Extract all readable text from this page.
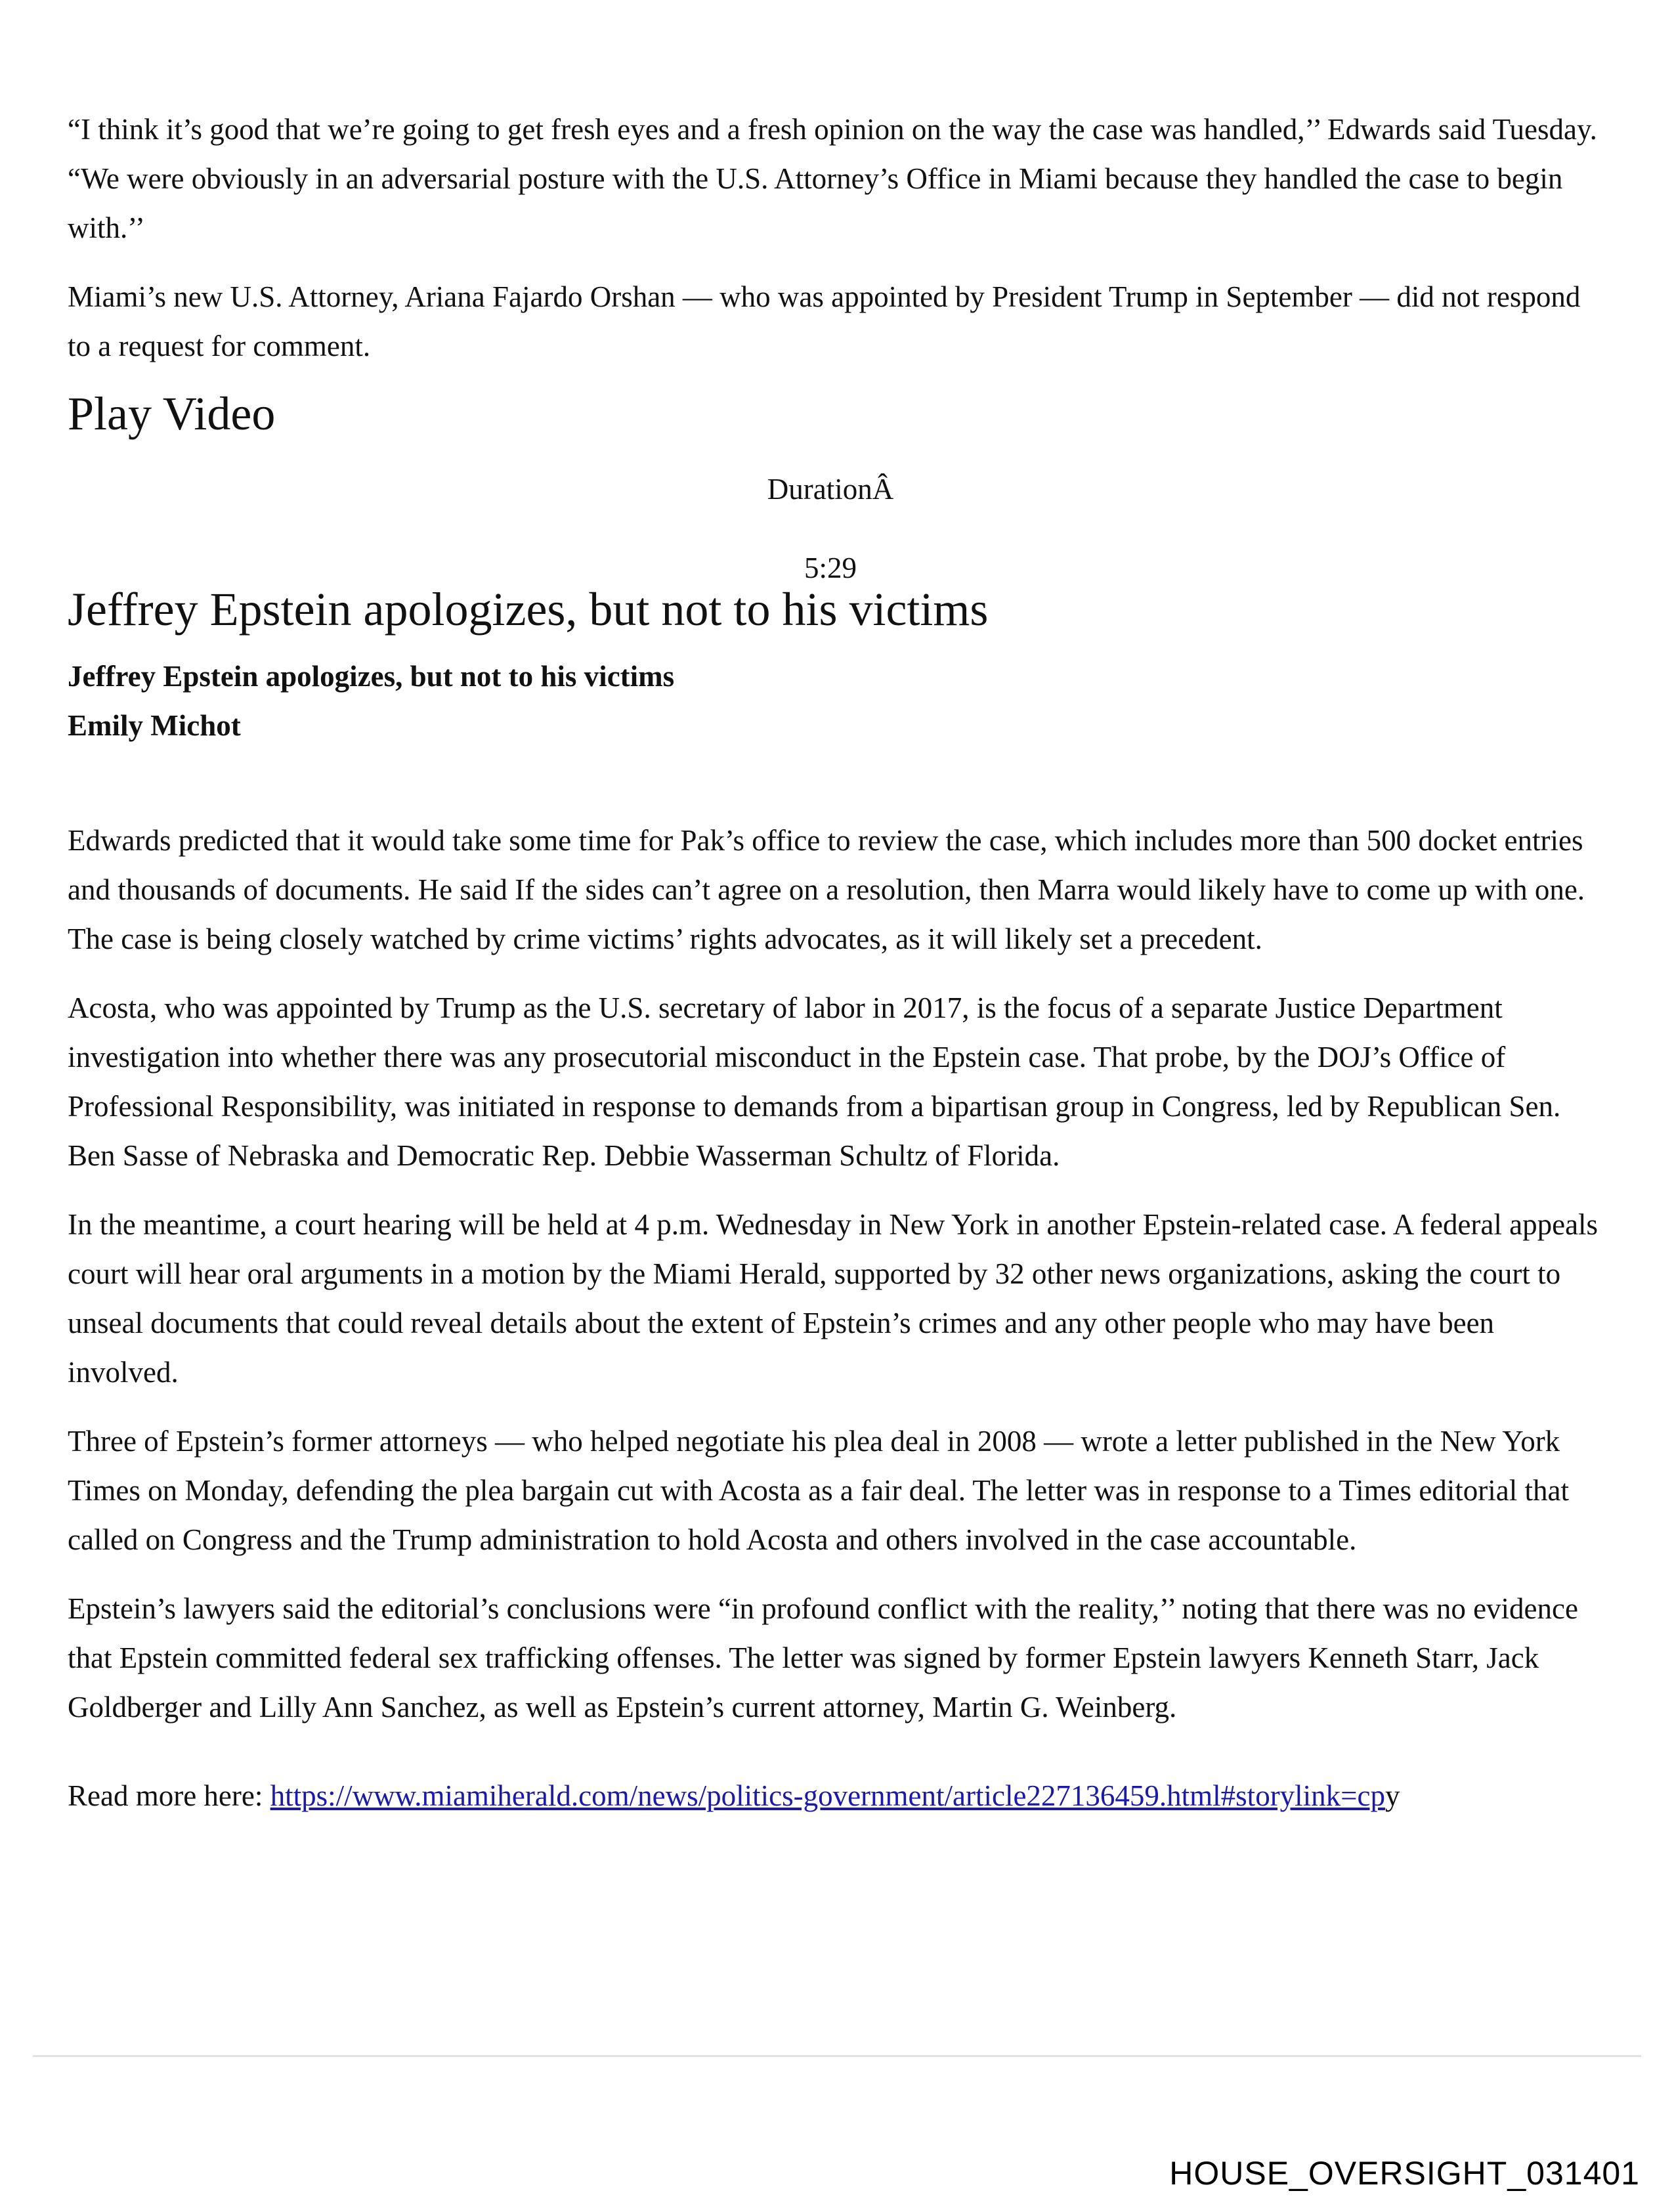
“I think it’s good that we’re going to get fresh eyes and a fresh opinion on the way the case was handled,’’ Edwards said Tuesday. “We were obviously in an adversarial posture with the U.S. Attorney’s Office in Miami because they handled the case to begin with.’’

Miami’s new U.S. Attorney, Ariana Fajardo Orshan — who was appointed by President Trump in September — did not respond to a request for comment.

Play Video
DurationÂ
5:29
Jeffrey Epstein apologizes, but not to his victims
Jeffrey Epstein apologizes, but not to his victims
Emily Michot

Edwards predicted that it would take some time for Pak’s office to review the case, which includes more than 500 docket entries and thousands of documents. He said If the sides can’t agree on a resolution, then Marra would likely have to come up with one. The case is being closely watched by crime victims’ rights advocates, as it will likely set a precedent.

Acosta, who was appointed by Trump as the U.S. secretary of labor in 2017, is the focus of a separate Justice Department investigation into whether there was any prosecutorial misconduct in the Epstein case. That probe, by the DOJ’s Office of Professional Responsibility, was initiated in response to demands from a bipartisan group in Congress, led by Republican Sen. Ben Sasse of Nebraska and Democratic Rep. Debbie Wasserman Schultz of Florida.

In the meantime, a court hearing will be held at 4 p.m. Wednesday in New York in another Epstein-related case. A federal appeals court will hear oral arguments in a motion by the Miami Herald, supported by 32 other news organizations, asking the court to unseal documents that could reveal details about the extent of Epstein’s crimes and any other people who may have been involved.

Three of Epstein’s former attorneys — who helped negotiate his plea deal in 2008 — wrote a letter published in the New York Times on Monday, defending the plea bargain cut with Acosta as a fair deal. The letter was in response to a Times editorial that called on Congress and the Trump administration to hold Acosta and others involved in the case accountable.

Epstein’s lawyers said the editorial’s conclusions were “in profound conflict with the reality,’’ noting that there was no evidence that Epstein committed federal sex trafficking offenses. The letter was signed by former Epstein lawyers Kenneth Starr, Jack Goldberger and Lilly Ann Sanchez, as well as Epstein’s current attorney, Martin G. Weinberg.

Read more here: https://www.miamiherald.com/news/politics-government/article227136459.html#storylink=cpy
HOUSE_OVERSIGHT_031401
